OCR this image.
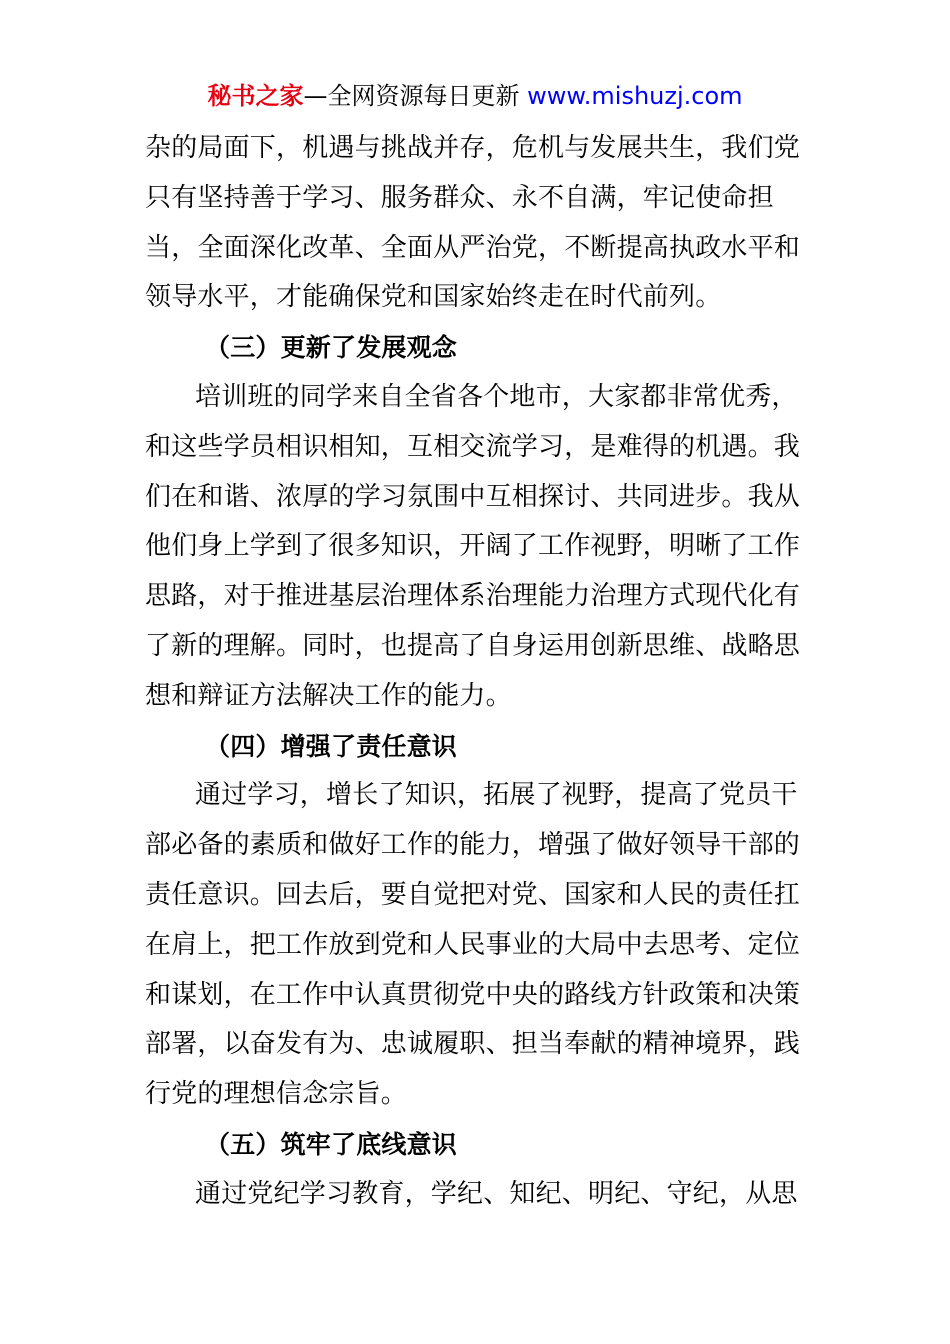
秘书之家—全网资源每日更新 www.mishuzj.com
杂的局面下，机遇与挑战并存，危机与发展共生，我们党
只有坚持善于学习、服务群众、永不自满，牢记使命担
当，全面深化改革、全面从严治党，不断提高执政水平和
领导水平，才能确保党和国家始终走在时代前列。
（三）更新了发展观念
培训班的同学来自全省各个地市，大家都非常优秀，
和这些学员相识相知，互相交流学习，是难得的机遇。我
们在和谐、浓厚的学习氛围中互相探讨、共同进步。我从
他们身上学到了很多知识，开阔了工作视野，明晰了工作
思路，对于推进基层治理体系治理能力治理方式现代化有
了新的理解。同时，也提高了自身运用创新思维、战略思
想和辩证方法解决工作的能力。
（四）增强了责任意识
通过学习，增长了知识，拓展了视野，提高了党员干
部必备的素质和做好工作的能力，增强了做好领导干部的
责任意识。回去后，要自觉把对党、国家和人民的责任扛
在肩上，把工作放到党和人民事业的大局中去思考、定位
和谋划，在工作中认真贯彻党中央的路线方针政策和决策
部署，以奋发有为、忠诚履职、担当奉献的精神境界，践
行党的理想信念宗旨。
（五）筑牢了底线意识
通过党纪学习教育，学纪、知纪、明纪、守纪，从思
